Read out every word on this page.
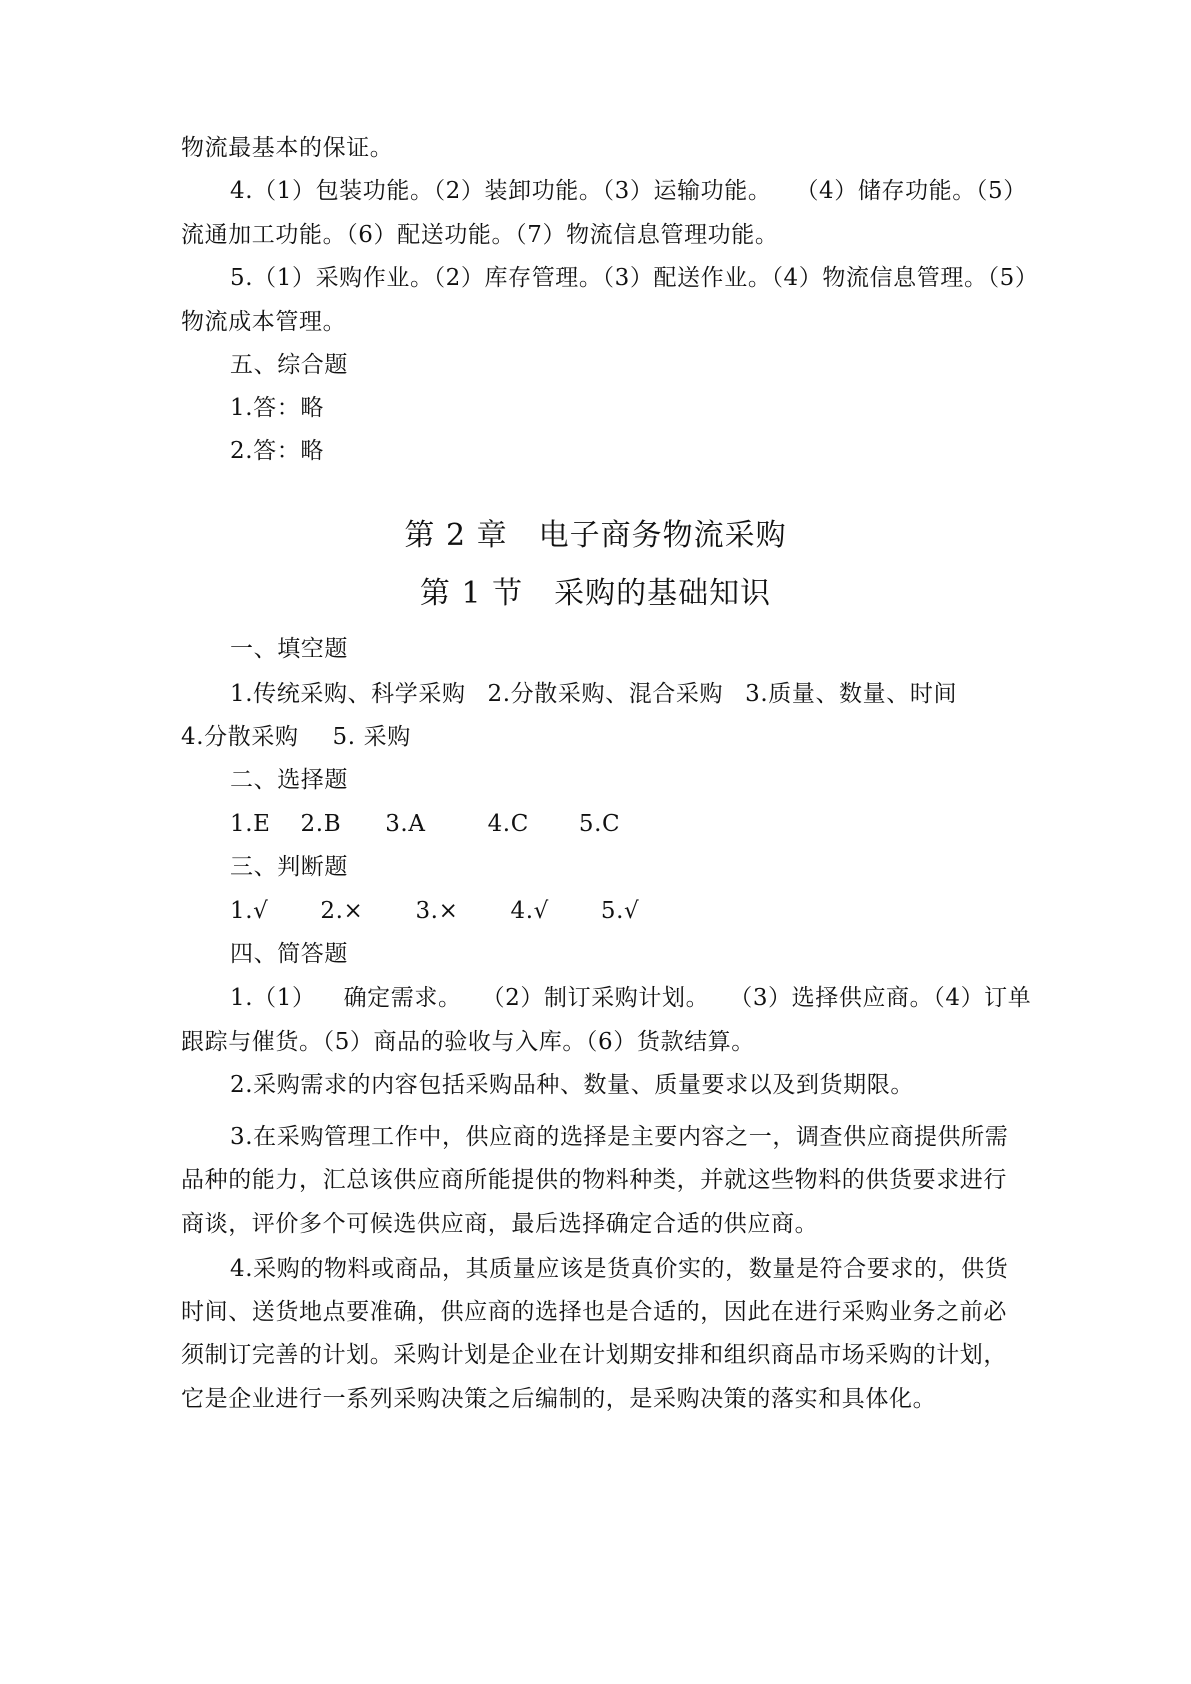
物流最基本的保证。
4.（1）包装功能。（2）装卸功能。（3）运输功能。 （4）储存功能。（5）
流通加工功能。（6）配送功能。（7）物流信息管理功能。
5.（1）采购作业。（2）库存管理。（3）配送作业。（4）物流信息管理。（5）
物流成本管理。
五、综合题
1.答：略
2.答：略
第 2 章　电子商务物流采购
第 1 节　采购的基础知识
一、填空题
1.传统采购、科学采购 2.分散采购、混合采购 3.质量、数量、时间
4.分散采购 5. 采购
二、选择题
1.E 2.B 3.A	4.C 5.C
三、判断题
1.√ 2.× 3.× 4.√ 5.√
四、简答题
1.（1） 确定需求。 （2）制订采购计划。 （3）选择供应商。（4）订单
跟踪与催货。（5）商品的验收与入库。（6）货款结算。
2.采购需求的内容包括采购品种、数量、质量要求以及到货期限。
3.在采购管理工作中，供应商的选择是主要内容之一，调查供应商提供所需
品种的能力，汇总该供应商所能提供的物料种类，并就这些物料的供货要求进行
商谈，评价多个可候选供应商，最后选择确定合适的供应商。
4.采购的物料或商品，其质量应该是货真价实的，数量是符合要求的，供货
时间、送货地点要准确，供应商的选择也是合适的，因此在进行采购业务之前必
须制订完善的计划。采购计划是企业在计划期安排和组织商品市场采购的计划，
它是企业进行一系列采购决策之后编制的，是采购决策的落实和具体化。
